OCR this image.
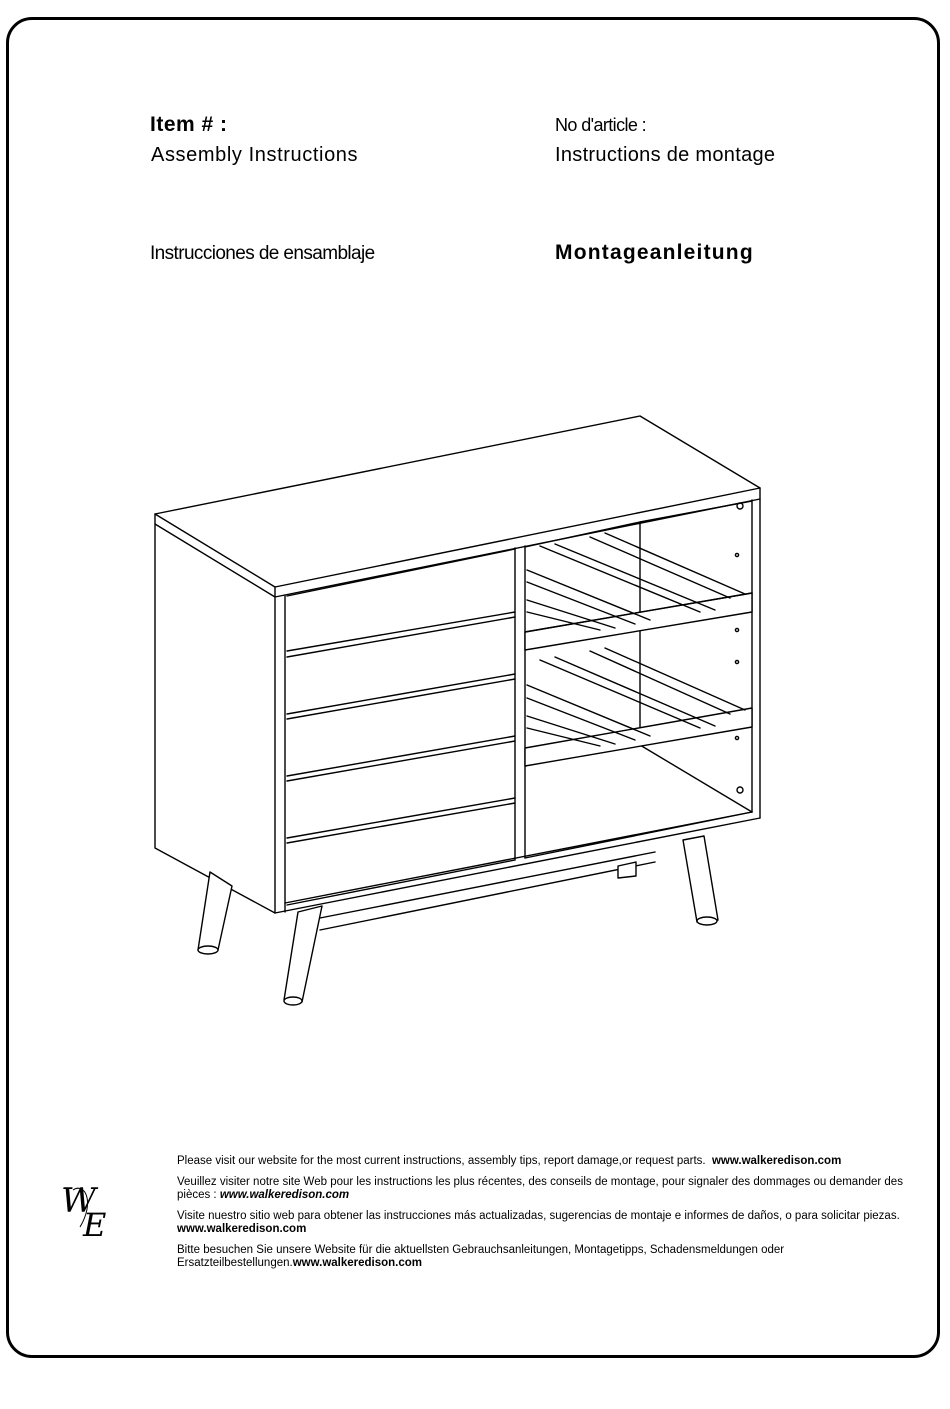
Item # :
Assembly Instructions
No d'article :
Instructions de montage
Instrucciones de ensamblaje	Montageanleitung
W
E

Please visit our website for the most current instructions, assembly tips, report damage,or request parts. www.walkeredison.com

Veuillez visiter notre site Web pour les instructions les plus récentes, des conseils de montage, pour signaler des dommages ou demander des pièces : www.walkeredison.com

Visite nuestro sitio web para obtener las instrucciones más actualizadas, sugerencias de montaje e informes de daños, o para solicitar piezas. www.walkeredison.com

Bitte besuchen Sie unsere Website für die aktuellsten Gebrauchsanleitungen, Montagetipps, Schadensmeldungen oder Ersatzteilbestellungen.www.walkeredison.com
